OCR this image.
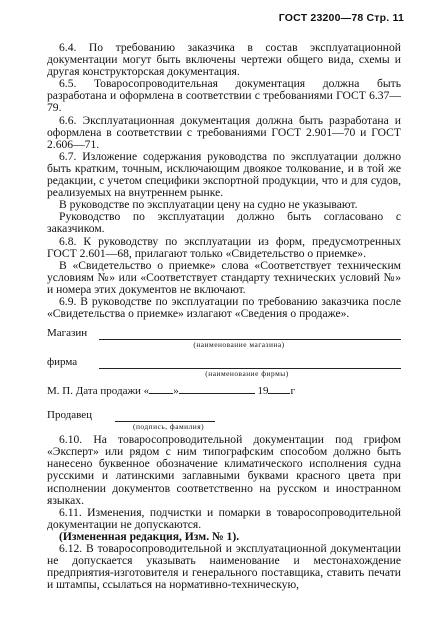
ГОСТ 23200—78 Стр. 11

6.4. По требованию заказчика в состав эксплуатационной документации могут быть включены чертежи общего вида, схемы и другая конструкторская документация.

6.5. Товаросопроводительная документация должна быть разработана и оформлена в соответствии с требованиями ГОСТ 6.37—79.

6.6. Эксплуатационная документация должна быть разработана и оформлена в соответствии с требованиями ГОСТ 2.901—70 и ГОСТ 2.606—71.

6.7. Изложение содержания руководства по эксплуатации должно быть кратким, точным, исключающим двоякое толкование, и в той же редакции, с учетом специфики экспортной продукции, что и для судов, реализуемых на внутреннем рынке.

В руководстве по эксплуатации цену на судно не указывают.

Руководство по эксплуатации должно быть согласовано с заказчиком.

6.8. К руководству по эксплуатации из форм, предусмотренных ГОСТ 2.601—68, прилагают только «Свидетельство о приемке».

В «Свидетельство о приемке» слова «Соответствует техническим условиям №» или «Соответствует стандарту технических условий №» и номера этих документов не включают.

6.9. В руководстве по эксплуатации по требованию заказчика после «Свидетельства о приемке» излагают «Сведения о продаже».

Магазин
(наименование магазина)
фирма
(наименование фирмы)
М. П. Дата продажи « »	19 г
Продавец
(подпись, фамилия)

6.10. На товаросопроводительной документации под грифом «Эксперт» или рядом с ним типографским способом должно быть нанесено буквенное обозначение климатического исполнения судна русскими и латинскими заглавными буквами красного цвета при исполнении документов соответственно на русском и иностранном языках.

6.11. Изменения, подчистки и помарки в товаросопроводительной документации не допускаются.

(Измененная редакция, Изм. № 1).

6.12. В товаросопроводительной и эксплуатационной документации не допускается указывать наименование и местонахождение предприятия-изготовителя и генерального поставщика, ставить печати и штампы, ссылаться на нормативно-техническую,
